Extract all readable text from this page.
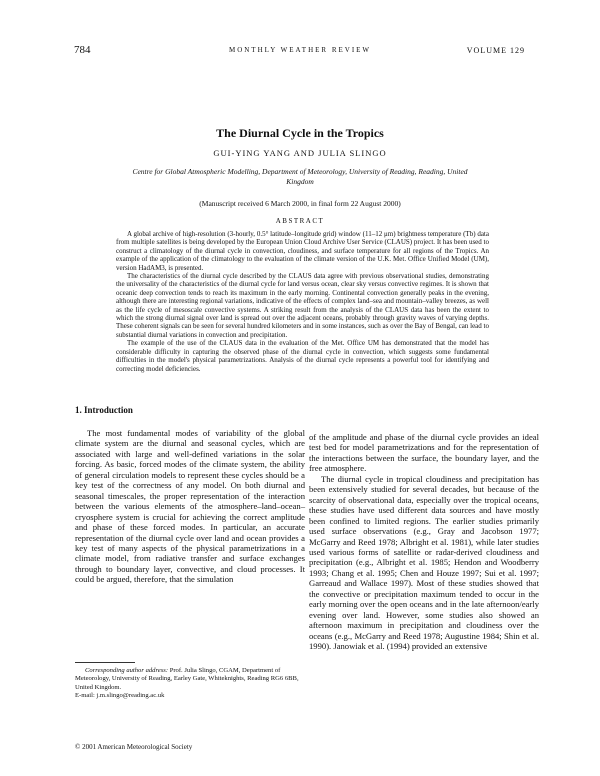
784	MONTHLY WEATHER REVIEW	VOLUME 129
The Diurnal Cycle in the Tropics
GUI-YING YANG AND JULIA SLINGO
Centre for Global Atmospheric Modelling, Department of Meteorology, University of Reading, Reading, United Kingdom
(Manuscript received 6 March 2000, in final form 22 August 2000)
ABSTRACT

A global archive of high-resolution (3-hourly, 0.5° latitude–longitude grid) window (11–12 μm) brightness temperature (Tb) data from multiple satellites is being developed by the European Union Cloud Archive User Service (CLAUS) project. It has been used to construct a climatology of the diurnal cycle in convection, cloudiness, and surface temperature for all regions of the Tropics. An example of the application of the climatology to the evaluation of the climate version of the U.K. Met. Office Unified Model (UM), version HadAM3, is presented.

The characteristics of the diurnal cycle described by the CLAUS data agree with previous observational studies, demonstrating the universality of the characteristics of the diurnal cycle for land versus ocean, clear sky versus convective regimes. It is shown that oceanic deep convection tends to reach its maximum in the early morning. Continental convection generally peaks in the evening, although there are interesting regional variations, indicative of the effects of complex land–sea and mountain–valley breezes, as well as the life cycle of mesoscale convective systems. A striking result from the analysis of the CLAUS data has been the extent to which the strong diurnal signal over land is spread out over the adjacent oceans, probably through gravity waves of varying depths. These coherent signals can be seen for several hundred kilometers and in some instances, such as over the Bay of Bengal, can lead to substantial diurnal variations in convection and precipitation.

The example of the use of the CLAUS data in the evaluation of the Met. Office UM has demonstrated that the model has considerable difficulty in capturing the observed phase of the diurnal cycle in convection, which suggests some fundamental difficulties in the model's physical parametrizations. Analysis of the diurnal cycle represents a powerful tool for identifying and correcting model deficiencies.

1. Introduction

The most fundamental modes of variability of the global climate system are the diurnal and seasonal cycles, which are associated with large and well-defined variations in the solar forcing. As basic, forced modes of the climate system, the ability of general circulation models to represent these cycles should be a key test of the correctness of any model. On both diurnal and seasonal timescales, the proper representation of the interaction between the various elements of the atmosphere–land–ocean–cryosphere system is crucial for achieving the correct amplitude and phase of these forced modes. In particular, an accurate representation of the diurnal cycle over land and ocean provides a key test of many aspects of the physical parametrizations in a climate model, from radiative transfer and surface exchanges through to boundary layer, convective, and cloud processes. It could be argued, therefore, that the simulation

of the amplitude and phase of the diurnal cycle provides an ideal test bed for model parametrizations and for the representation of the interactions between the surface, the boundary layer, and the free atmosphere.

The diurnal cycle in tropical cloudiness and precipitation has been extensively studied for several decades, but because of the scarcity of observational data, especially over the tropical oceans, these studies have used different data sources and have mostly been confined to limited regions. The earlier studies primarily used surface observations (e.g., Gray and Jacobson 1977; McGarry and Reed 1978; Albright et al. 1981), while later studies used various forms of satellite or radar-derived cloudiness and precipitation (e.g., Albright et al. 1985; Hendon and Woodberry 1993; Chang et al. 1995; Chen and Houze 1997; Sui et al. 1997; Garreaud and Wallace 1997). Most of these studies showed that the convective or precipitation maximum tended to occur in the early morning over the open oceans and in the late afternoon/early evening over land. However, some studies also showed an afternoon maximum in precipitation and cloudiness over the oceans (e.g., McGarry and Reed 1978; Augustine 1984; Shin et al. 1990). Janowiak et al. (1994) provided an extensive

Corresponding author address: Prof. Julia Slingo, CGAM, Department of Meteorology, University of Reading, Earley Gate, Whiteknights, Reading RG6 6BB, United Kingdom.

E-mail: j.m.slingo@reading.ac.uk

© 2001 American Meteorological Society
